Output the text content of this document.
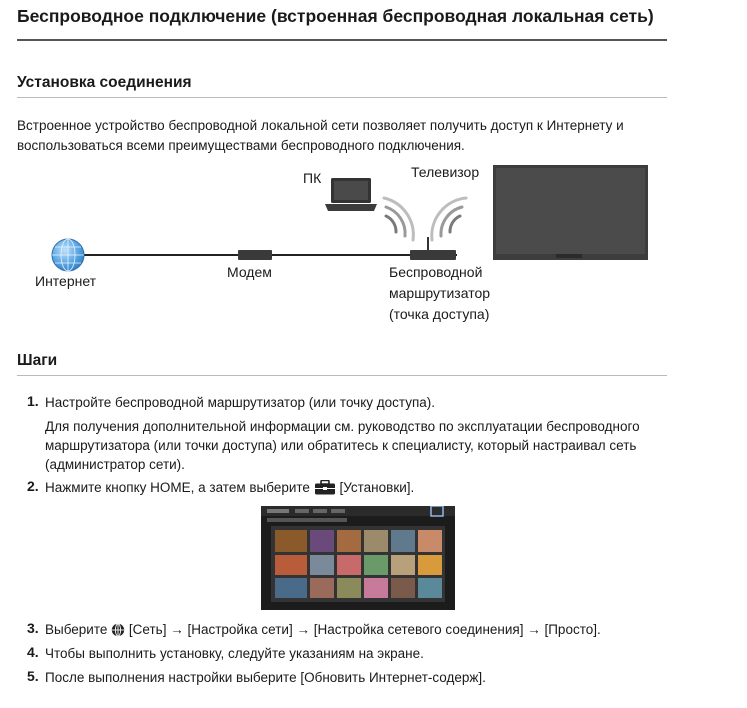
Беспроводное подключение (встроенная беспроводная локальная сеть)
Установка соединения

Встроенное устройство беспроводной локальной сети позволяет получить доступ к Интернету и воспользоваться всеми преимуществами беспроводного подключения.

ПК	Телевизор
Интернет
Модем	Беспроводной
маршрутизатор
(точка доступа)
Шаги
1. Настройте беспроводной маршрутизатор (или точку доступа).
Для получения дополнительной информации см. руководство по эксплуатации беспроводного маршрутизатора (или точки доступа) или обратитесь к специалисту, который настраивал сеть (администратор сети).
2. Нажмите кнопку HOME, а затем выберите [Установки].
3. Выберите [Сеть] → [Настройка сети] → [Настройка сетевого соединения] → [Просто].
4. Чтобы выполнить установку, следуйте указаниям на экране.
5. После выполнения настройки выберите [Обновить Интернет-содерж].
